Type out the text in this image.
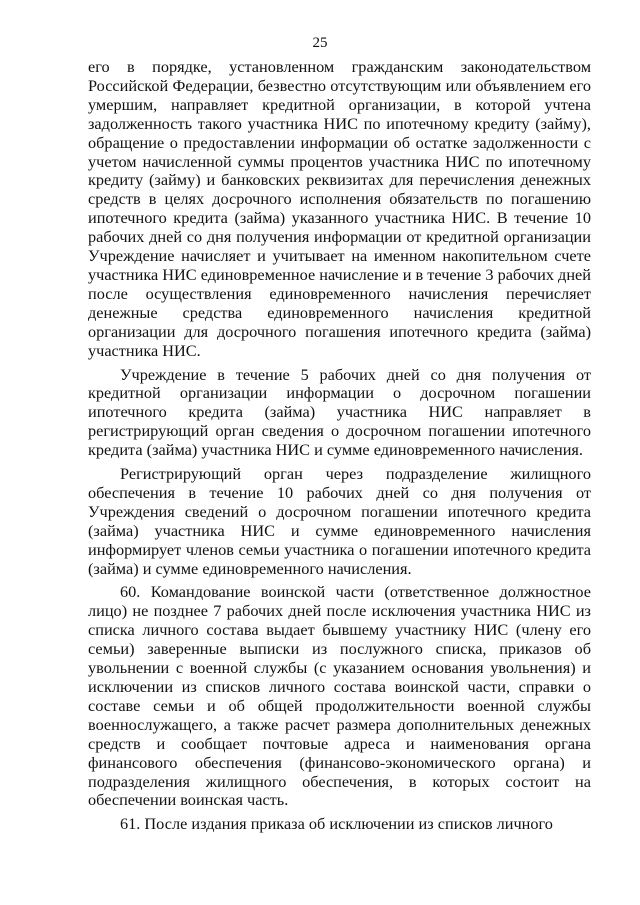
25

его в порядке, установленном гражданским законодательством Российской Федерации, безвестно отсутствующим или объявлением его умершим, направляет кредитной организации, в которой учтена задолженность такого участника НИС по ипотечному кредиту (займу), обращение о предоставлении информации об остатке задолженности с учетом начисленной суммы процентов участника НИС по ипотечному кредиту (займу) и банковских реквизитах для перечисления денежных средств в целях досрочного исполнения обязательств по погашению ипотечного кредита (займа) указанного участника НИС. В течение 10 рабочих дней со дня получения информации от кредитной организации Учреждение начисляет и учитывает на именном накопительном счете участника НИС единовременное начисление и в течение 3 рабочих дней после осуществления единовременного начисления перечисляет денежные средства единовременного начисления кредитной организации для досрочного погашения ипотечного кредита (займа) участника НИС.

Учреждение в течение 5 рабочих дней со дня получения от кредитной организации информации о досрочном погашении ипотечного кредита (займа) участника НИС направляет в регистрирующий орган сведения о досрочном погашении ипотечного кредита (займа) участника НИС и сумме единовременного начисления.

Регистрирующий орган через подразделение жилищного обеспечения в течение 10 рабочих дней со дня получения от Учреждения сведений о досрочном погашении ипотечного кредита (займа) участника НИС и сумме единовременного начисления информирует членов семьи участника о погашении ипотечного кредита (займа) и сумме единовременного начисления.

60. Командование воинской части (ответственное должностное лицо) не позднее 7 рабочих дней после исключения участника НИС из списка личного состава выдает бывшему участнику НИС (члену его семьи) заверенные выписки из послужного списка, приказов об увольнении с военной службы (с указанием основания увольнения) и исключении из списков личного состава воинской части, справки о составе семьи и об общей продолжительности военной службы военнослужащего, а также расчет размера дополнительных денежных средств и сообщает почтовые адреса и наименования органа финансового обеспечения (финансово-экономического органа) и подразделения жилищного обеспечения, в которых состоит на обеспечении воинская часть.

61. После издания приказа об исключении из списков личного
